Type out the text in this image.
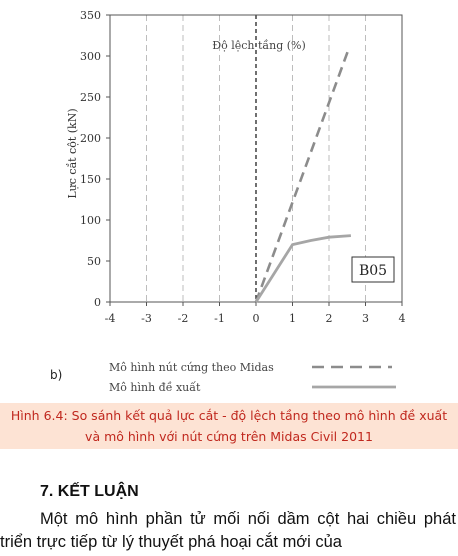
-4 -3 -2 -1	0	1	2	3	4
0
50
100
150
200
250
300
350
Lực cắt cột (kN)
Độ lệch tầng (%)
B05
b)
Mô hình nút cứng theo Midas
Mô hình đề xuất
Hình 6.4: So sánh kết quả lực cắt - độ lệch tầng theo mô hình đề xuất và mô hình với nút cứng trên Midas Civil 2011
7. KẾT LUẬN

Một mô hình phần tử mối nối dầm cột hai chiều phát triển trực tiếp từ lý thuyết phá hoại cắt mới của
